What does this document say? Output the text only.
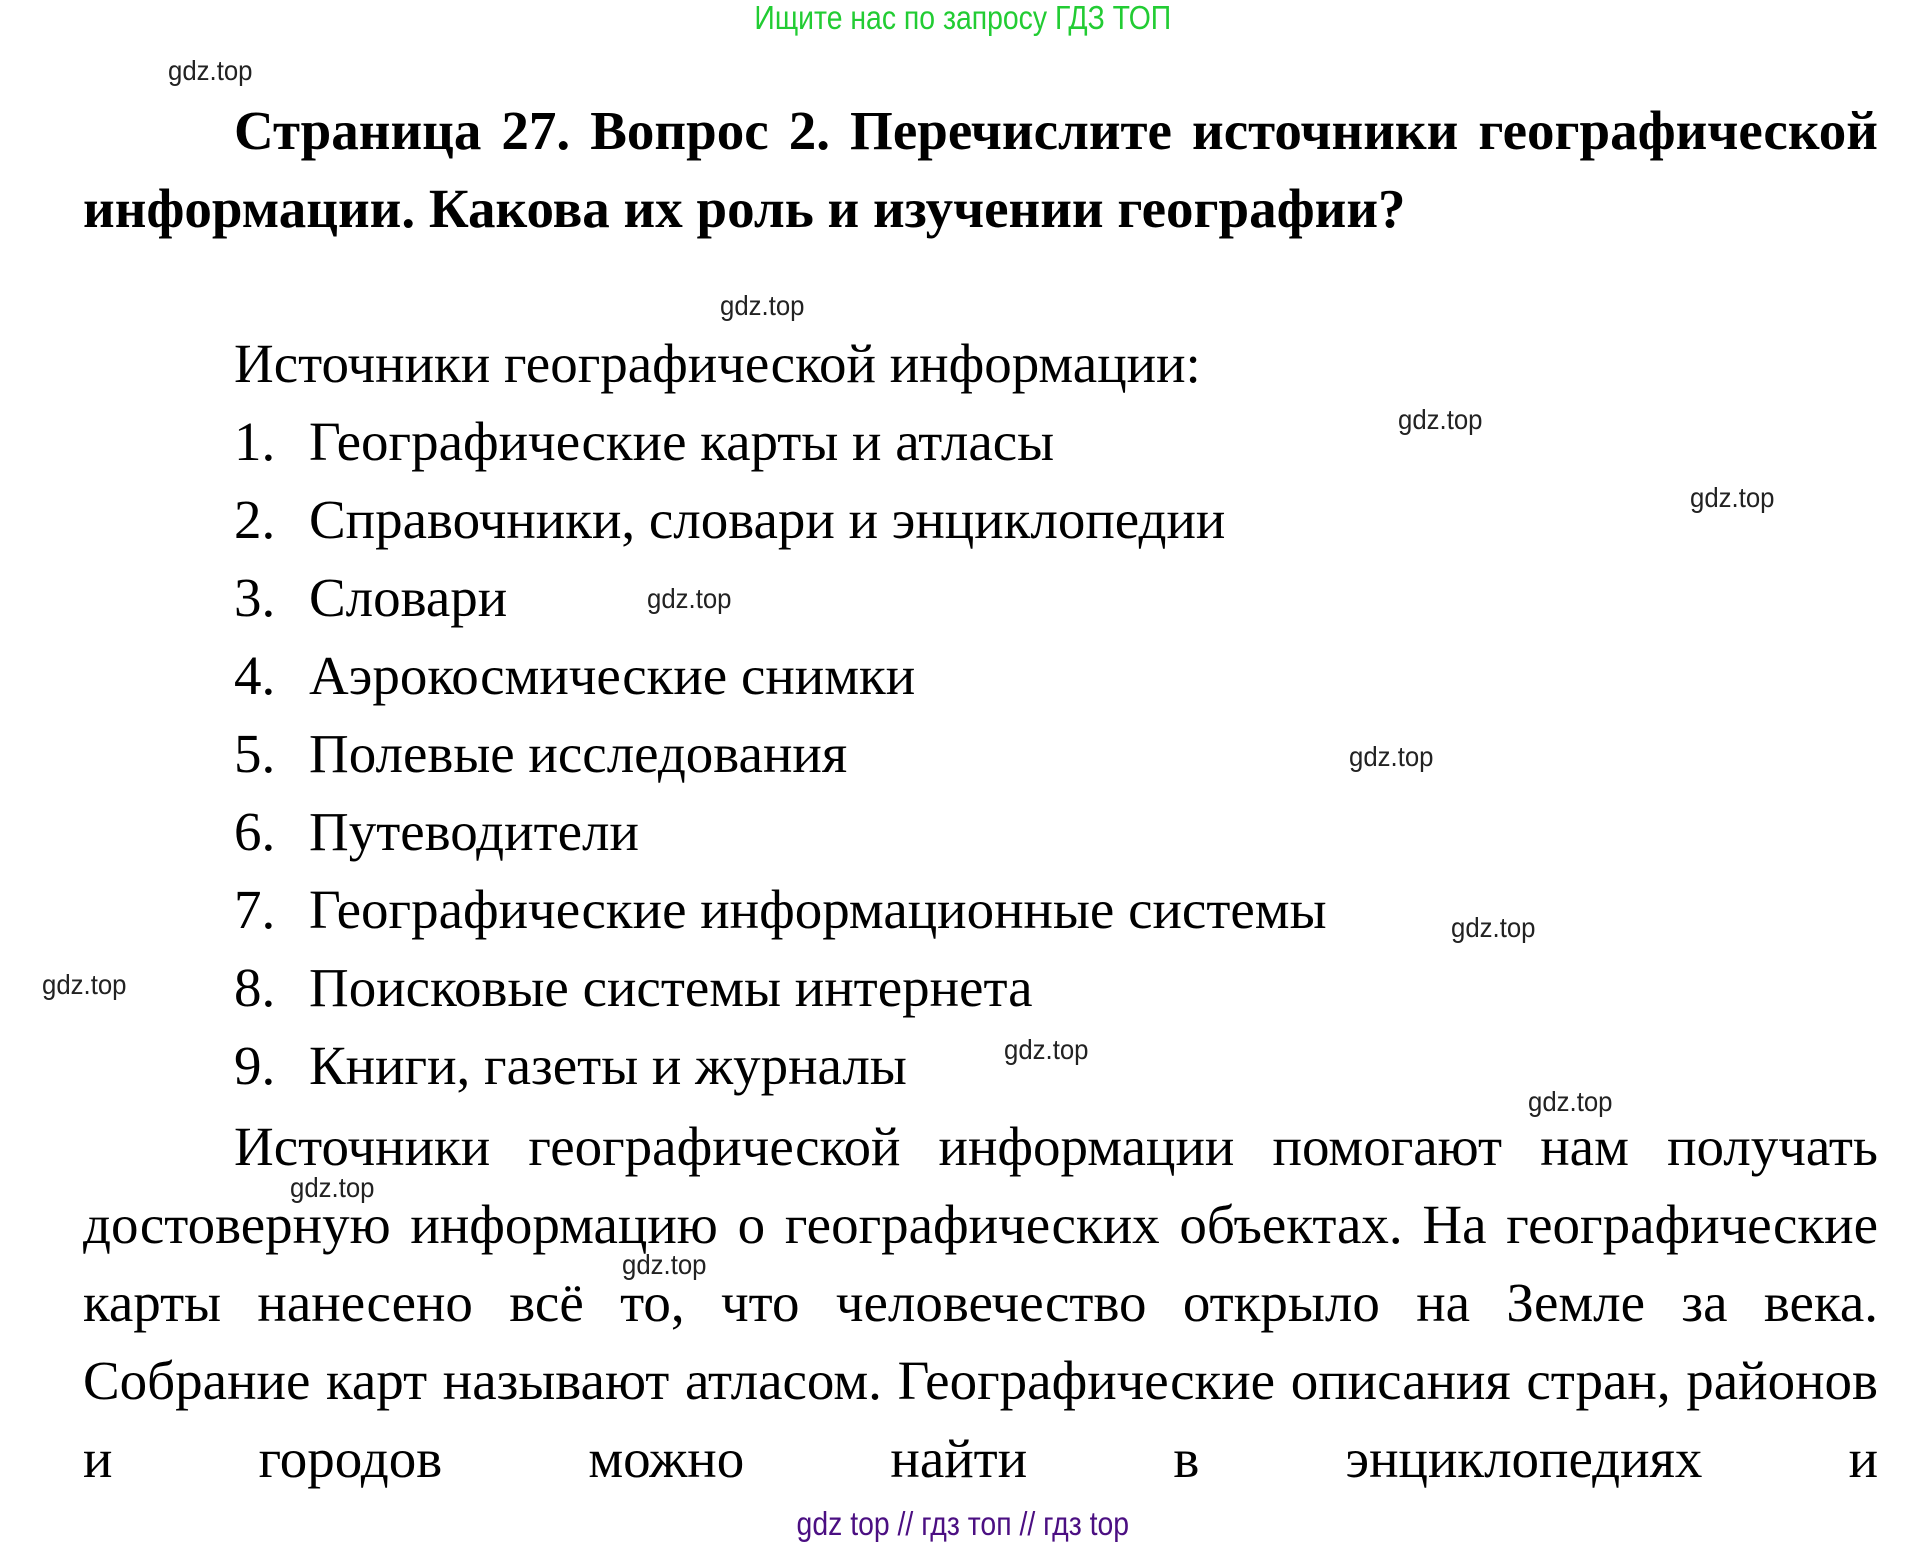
Ищите нас по запросу ГДЗ ТОП
Страница 27. Вопрос 2. Перечислите источники географической информации. Какова их роль и изучении географии?
Источники географической информации:
1. Географические карты и атласы
2. Справочники, словари и энциклопедии
3. Словари
4. Аэрокосмические снимки
5. Полевые исследования
6. Путеводители
7. Географические информационные системы
8. Поисковые системы интернета
9. Книги, газеты и журналы
Источники географической информации помогают нам получать достоверную информацию о географических объектах. На географические карты нанесено всё то, что человечество открыло на Земле за века. Собрание карт называют атласом. Географические описания стран, районов и городов можно найти в энциклопедиях и
gdz.top
gdz.top
gdz.top
gdz.top
gdz.top
gdz.top
gdz.top
gdz.top
gdz.top
gdz.top
gdz.top
gdz.top
gdz top // гдз топ // гдз top
